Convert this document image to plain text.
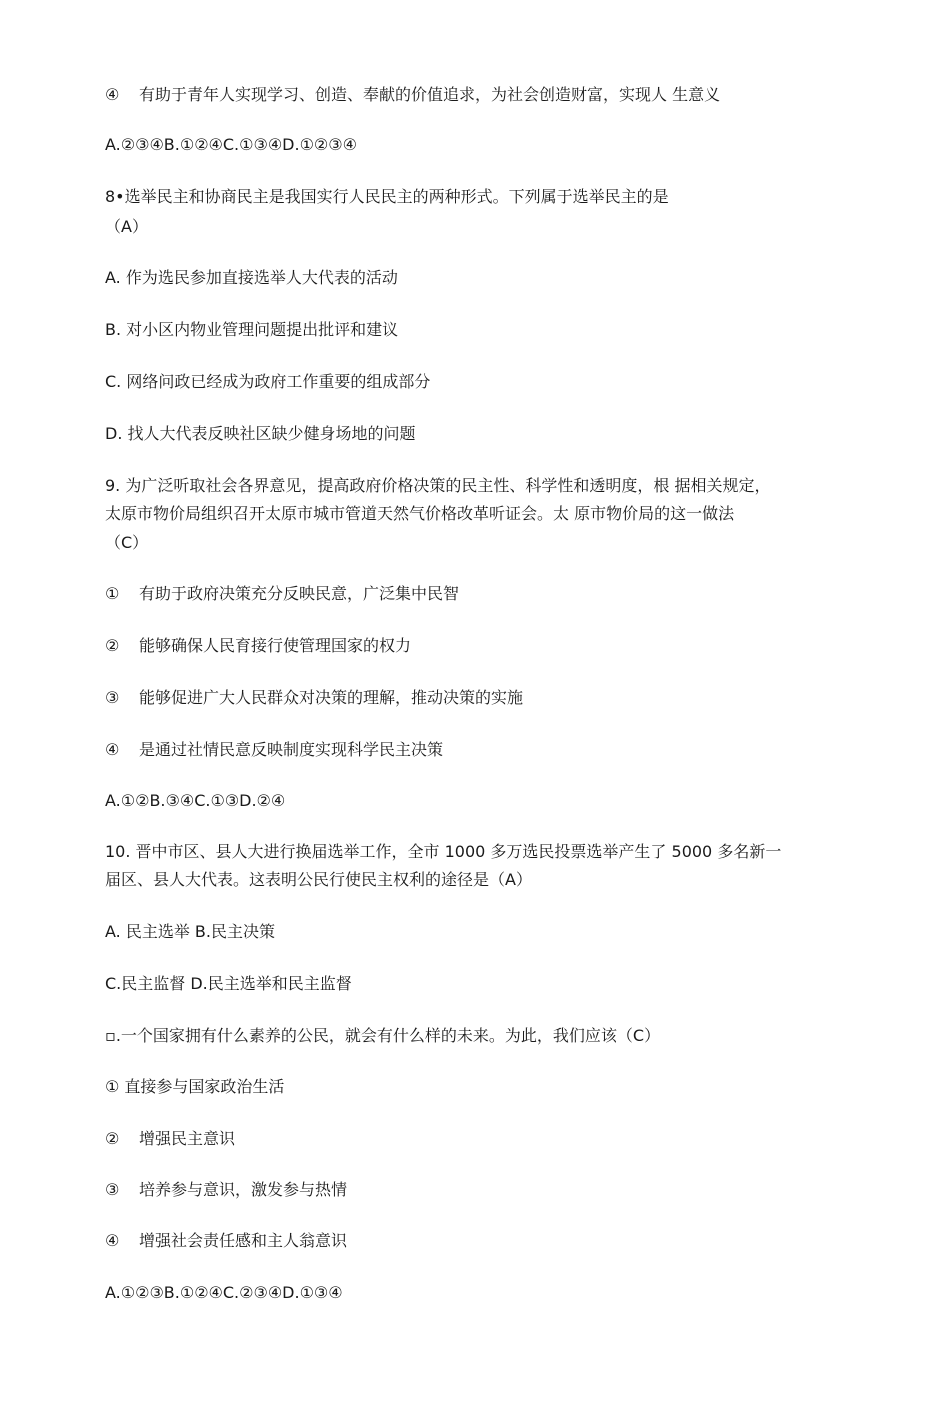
④ 有助于青年人实现学习、创造、奉献的价值追求，为社会创造财富，实现人 生意义
A.②③④B.①②④C.①③④D.①②③④
8•选举民主和协商民主是我国实行人民民主的两种形式。下列属于选举民主的是
（A）
A. 作为选民参加直接选举人大代表的活动
B. 对小区内物业管理问题提出批评和建议
C. 网络问政已经成为政府工作重要的组成部分
D. 找人大代表反映社区缺少健身场地的问题
9. 为广泛听取社会各界意见，提高政府价格决策的民主性、科学性和透明度，根 据相关规定，
太原市物价局组织召开太原市城市管道天然气价格改革听证会。太 原市物价局的这一做法
（C）
① 有助于政府决策充分反映民意，广泛集中民智
② 能够确保人民育接行使管理国家的权力
③ 能够促进广大人民群众对决策的理解，推动决策的实施
④ 是通过社情民意反映制度实现科学民主决策
A.①②B.③④C.①③D.②④
10. 晋中市区、县人大进行换届选举工作，全市 1000 多万选民投票选举产生了 5000 多名新一
届区、县人大代表。这表明公民行使民主权利的途径是（A）
A. 民主选举 B.民主决策
C.民主监督 D.民主选举和民主监督
▫.一个国家拥有什么素养的公民，就会有什么样的未来。为此，我们应该（C）
① 直接参与国家政治生活
② 增强民主意识
③ 培养参与意识，激发参与热情
④ 增强社会责任感和主人翁意识
A.①②③B.①②④C.②③④D.①③④
